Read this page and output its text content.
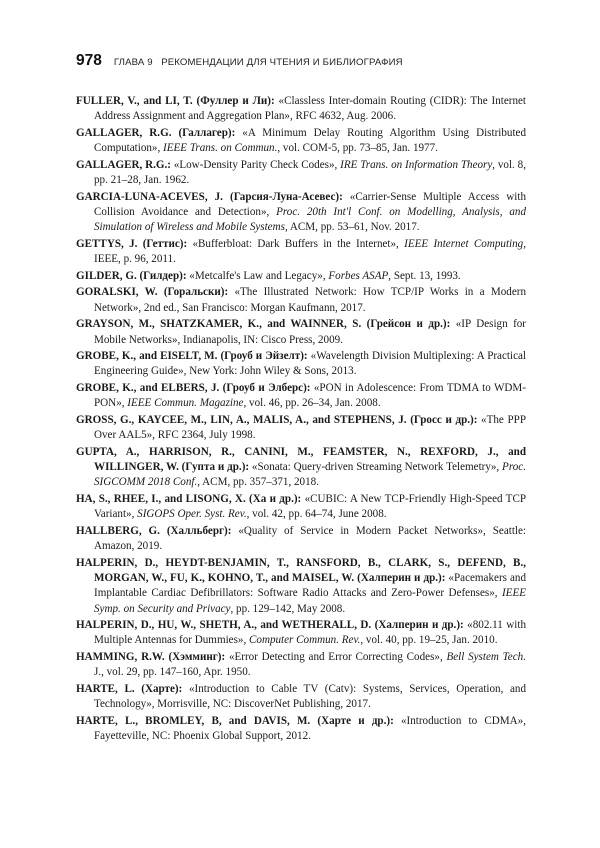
978 ГЛАВА 9   РЕКОМЕНДАЦИИ ДЛЯ ЧТЕНИЯ И БИБЛИОГРАФИЯ
FULLER, V., and LI, T. (Фуллер и Ли): «Classless Inter-domain Routing (CIDR): The Internet Address Assignment and Aggregation Plan», RFC 4632, Aug. 2006.
GALLAGER, R.G. (Галлагер): «A Minimum Delay Routing Algorithm Using Distributed Computation», IEEE Trans. on Commun., vol. COM-5, pp. 73–85, Jan. 1977.
GALLAGER, R.G.: «Low-Density Parity Check Codes», IRE Trans. on Information Theory, vol. 8, pp. 21–28, Jan. 1962.
GARCIA-LUNA-ACEVES, J. (Гарсия-Луна-Асевес): «Carrier-Sense Multiple Access with Collision Avoidance and Detection», Proc. 20th Int'l Conf. on Modelling, Analysis, and Simulation of Wireless and Mobile Systems, ACM, pp. 53–61, Nov. 2017.
GETTYS, J. (Геттис): «Bufferbloat: Dark Buffers in the Internet», IEEE Internet Computing, IEEE, p. 96, 2011.
GILDER, G. (Гилдер): «Metcalfe's Law and Legacy», Forbes ASAP, Sept. 13, 1993.
GORALSKI, W. (Горальски): «The Illustrated Network: How TCP/IP Works in a Modern Network», 2nd ed., San Francisco: Morgan Kaufmann, 2017.
GRAYSON, M., SHATZKAMER, K., and WAINNER, S. (Грейсон и др.): «IP Design for Mobile Networks», Indianapolis, IN: Cisco Press, 2009.
GROBE, K., and EISELT, M. (Гроуб и Эйзелт): «Wavelength Division Multiplexing: A Practical Engineering Guide», New York: John Wiley & Sons, 2013.
GROBE, K., and ELBERS, J. (Гроуб и Элберс): «PON in Adolescence: From TDMA to WDM-PON», IEEE Commun. Magazine, vol. 46, pp. 26–34, Jan. 2008.
GROSS, G., KAYCEE, M., LIN, A., MALIS, A., and STEPHENS, J. (Гросс и др.): «The PPP Over AAL5», RFC 2364, July 1998.
GUPTA, A., HARRISON, R., CANINI, M., FEAMSTER, N., REXFORD, J., and WILLINGER, W. (Гупта и др.): «Sonata: Query-driven Streaming Network Telemetry», Proc. SIGCOMM 2018 Conf., ACM, pp. 357–371, 2018.
HA, S., RHEE, I., and LISONG, X. (Ха и др.): «CUBIC: A New TCP-Friendly High-Speed TCP Variant», SIGOPS Oper. Syst. Rev., vol. 42, pp. 64–74, June 2008.
HALLBERG, G. (Халльберг): «Quality of Service in Modern Packet Networks», Seattle: Amazon, 2019.
HALPERIN, D., HEYDT-BENJAMIN, T., RANSFORD, B., CLARK, S., DEFEND, B., MORGAN, W., FU, K., KOHNO, T., and MAISEL, W. (Халперин и др.): «Pacemakers and Implantable Cardiac Defibrillators: Software Radio Attacks and Zero-Power Defenses», IEEE Symp. on Security and Privacy, pp. 129–142, May 2008.
HALPERIN, D., HU, W., SHETH, A., and WETHERALL, D. (Халперин и др.): «802.11 with Multiple Antennas for Dummies», Computer Commun. Rev., vol. 40, pp. 19–25, Jan. 2010.
HAMMING, R.W. (Хэмминг): «Error Detecting and Error Correcting Codes», Bell System Tech. J., vol. 29, pp. 147–160, Apr. 1950.
HARTE, L. (Харте): «Introduction to Cable TV (Catv): Systems, Services, Operation, and Technology», Morrisville, NC: DiscoverNet Publishing, 2017.
HARTE, L., BROMLEY, B, and DAVIS, M. (Харте и др.): «Introduction to CDMA», Fayetteville, NC: Phoenix Global Support, 2012.
